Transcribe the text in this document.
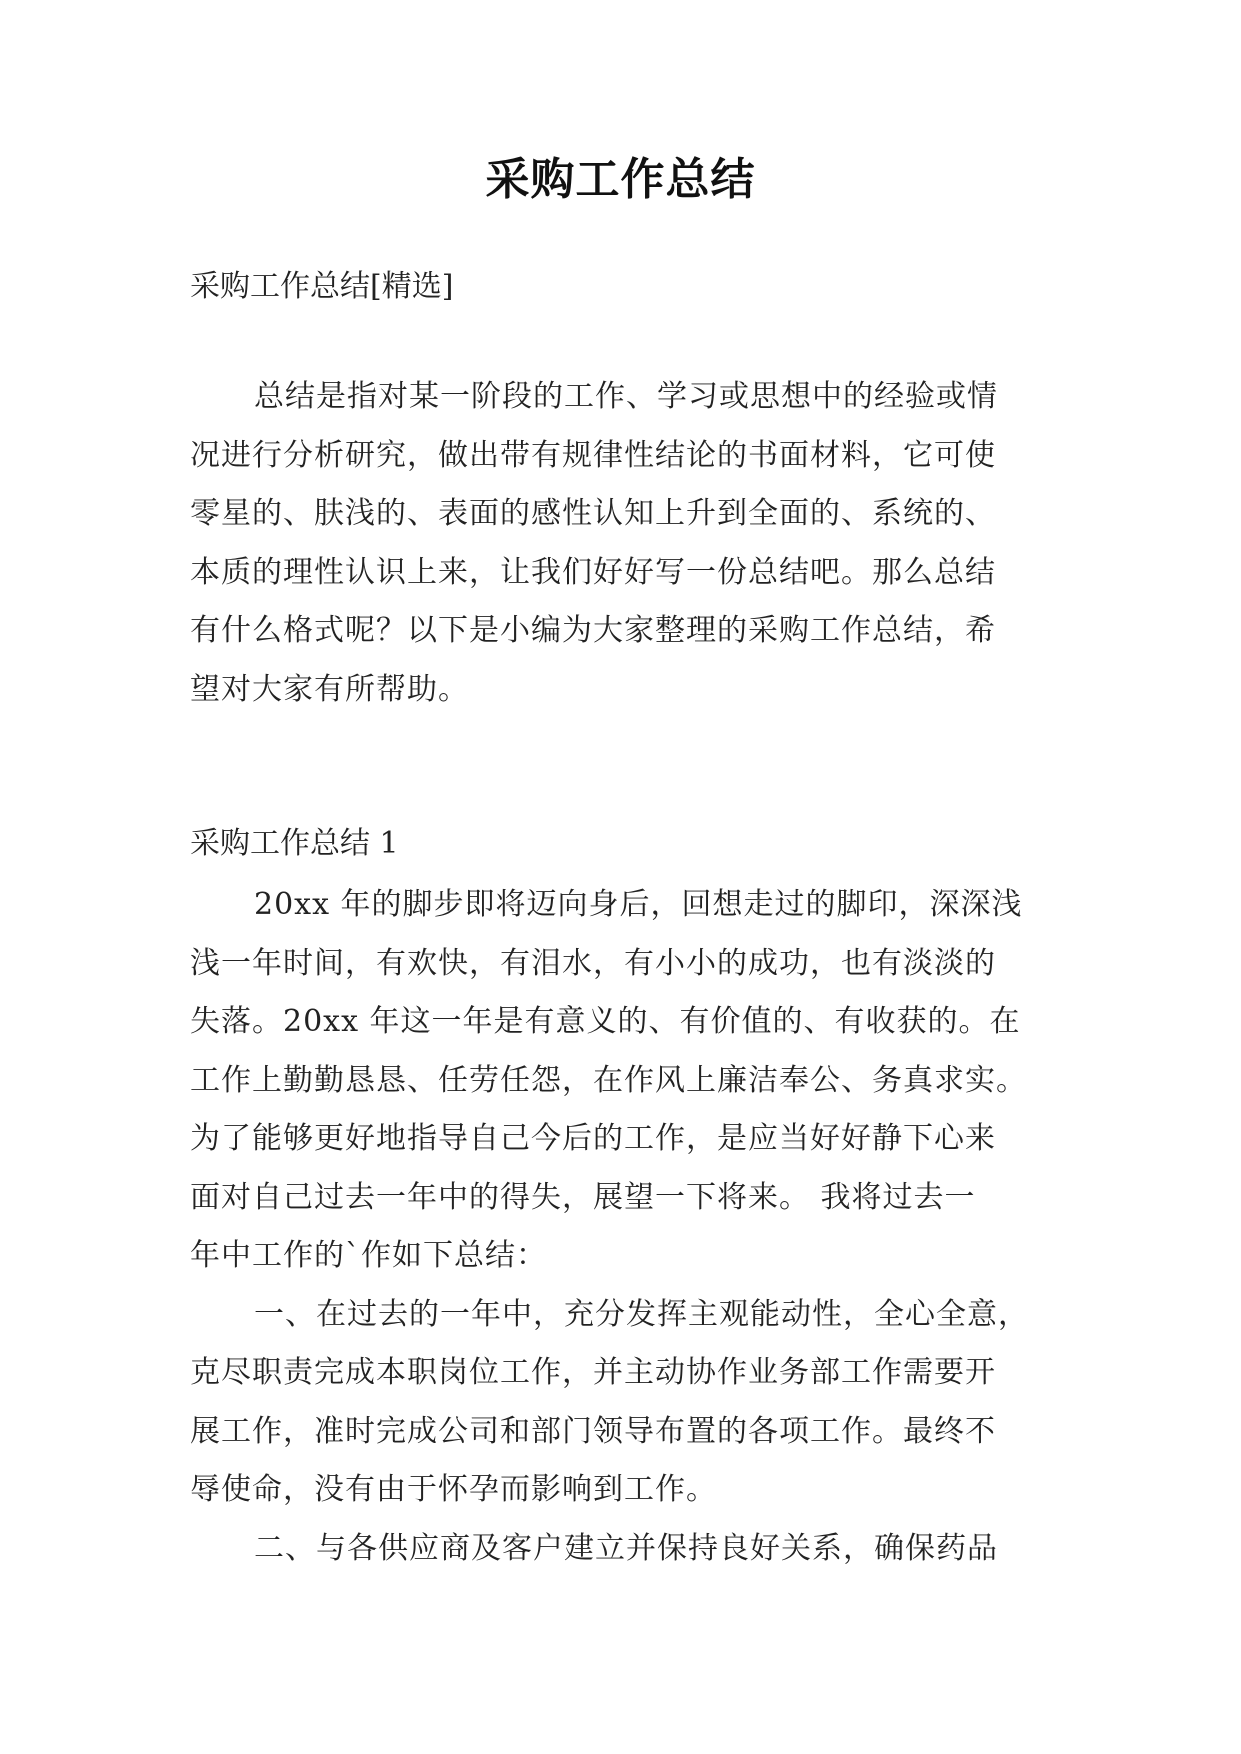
采购工作总结
采购工作总结[精选]
总结是指对某一阶段的工作、学习或思想中的经验或情
况进行分析研究，做出带有规律性结论的书面材料，它可使
零星的、肤浅的、表面的感性认知上升到全面的、系统的、
本质的理性认识上来，让我们好好写一份总结吧。那么总结
有什么格式呢？以下是小编为大家整理的采购工作总结，希
望对大家有所帮助。
采购工作总结 1
20xx 年的脚步即将迈向身后，回想走过的脚印，深深浅
浅一年时间，有欢快，有泪水，有小小的成功，也有淡淡的
失落。20xx 年这一年是有意义的、有价值的、有收获的。在
工作上勤勤恳恳、任劳任怨，在作风上廉洁奉公、务真求实。
为了能够更好地指导自己今后的工作，是应当好好静下心来
面对自己过去一年中的得失，展望一下将来。 我将过去一
年中工作的`作如下总结：
一、在过去的一年中，充分发挥主观能动性，全心全意，
克尽职责完成本职岗位工作，并主动协作业务部工作需要开
展工作，准时完成公司和部门领导布置的各项工作。最终不
辱使命，没有由于怀孕而影响到工作。
二、与各供应商及客户建立并保持良好关系，确保药品
